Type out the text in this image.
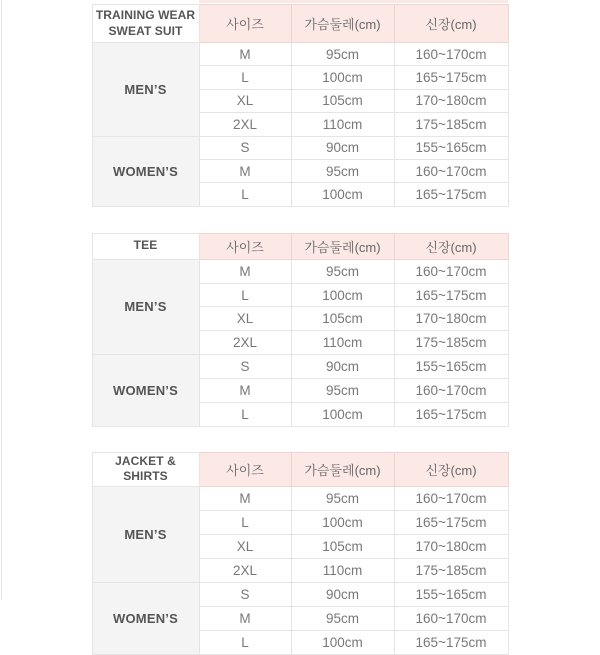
TRAINING WEAR SWEAT SUIT	사이즈	가슴둘레(cm)	신장(cm)
MEN’S	M	95cm	160~170cm
	L	100cm	165~175cm
	XL	105cm	170~180cm
	2XL	110cm	175~185cm
WOMEN’S	S	90cm	155~165cm
	M	95cm	160~170cm
	L	100cm	165~175cm
TEE	사이즈	가슴둘레(cm)	신장(cm)
MEN’S	M	95cm	160~170cm
	L	100cm	165~175cm
	XL	105cm	170~180cm
	2XL	110cm	175~185cm
WOMEN’S	S	90cm	155~165cm
	M	95cm	160~170cm
	L	100cm	165~175cm
JACKET & SHIRTS	사이즈	가슴둘레(cm)	신장(cm)
MEN’S	M	95cm	160~170cm
	L	100cm	165~175cm
	XL	105cm	170~180cm
	2XL	110cm	175~185cm
WOMEN’S	S	90cm	155~165cm
	M	95cm	160~170cm
	L	100cm	165~175cm
